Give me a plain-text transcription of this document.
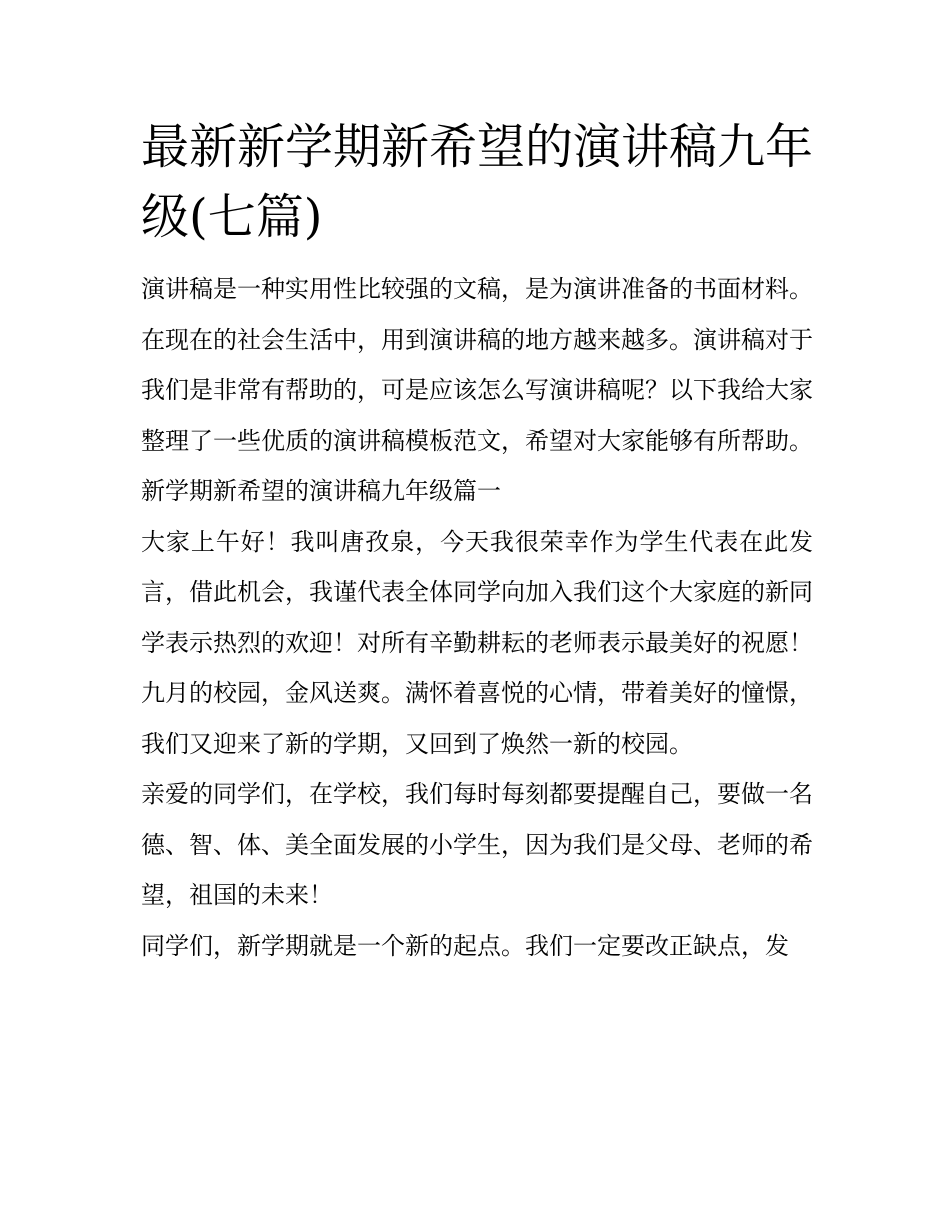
最新新学期新希望的演讲稿九年级(七篇)

演讲稿是一种实用性比较强的文稿，是为演讲准备的书面材料。在现在的社会生活中，用到演讲稿的地方越来越多。演讲稿对于我们是非常有帮助的，可是应该怎么写演讲稿呢？以下我给大家整理了一些优质的演讲稿模板范文，希望对大家能够有所帮助。

新学期新希望的演讲稿九年级篇一

大家上午好！我叫唐孜泉，今天我很荣幸作为学生代表在此发言，借此机会，我谨代表全体同学向加入我们这个大家庭的新同学表示热烈的欢迎！对所有辛勤耕耘的老师表示最美好的祝愿！

九月的校园，金风送爽。满怀着喜悦的心情，带着美好的憧憬，我们又迎来了新的学期，又回到了焕然一新的校园。

亲爱的同学们，在学校，我们每时每刻都要提醒自己，要做一名德、智、体、美全面发展的小学生，因为我们是父母、老师的希望，祖国的未来！

同学们，新学期就是一个新的起点。我们一定要改正缺点，发
